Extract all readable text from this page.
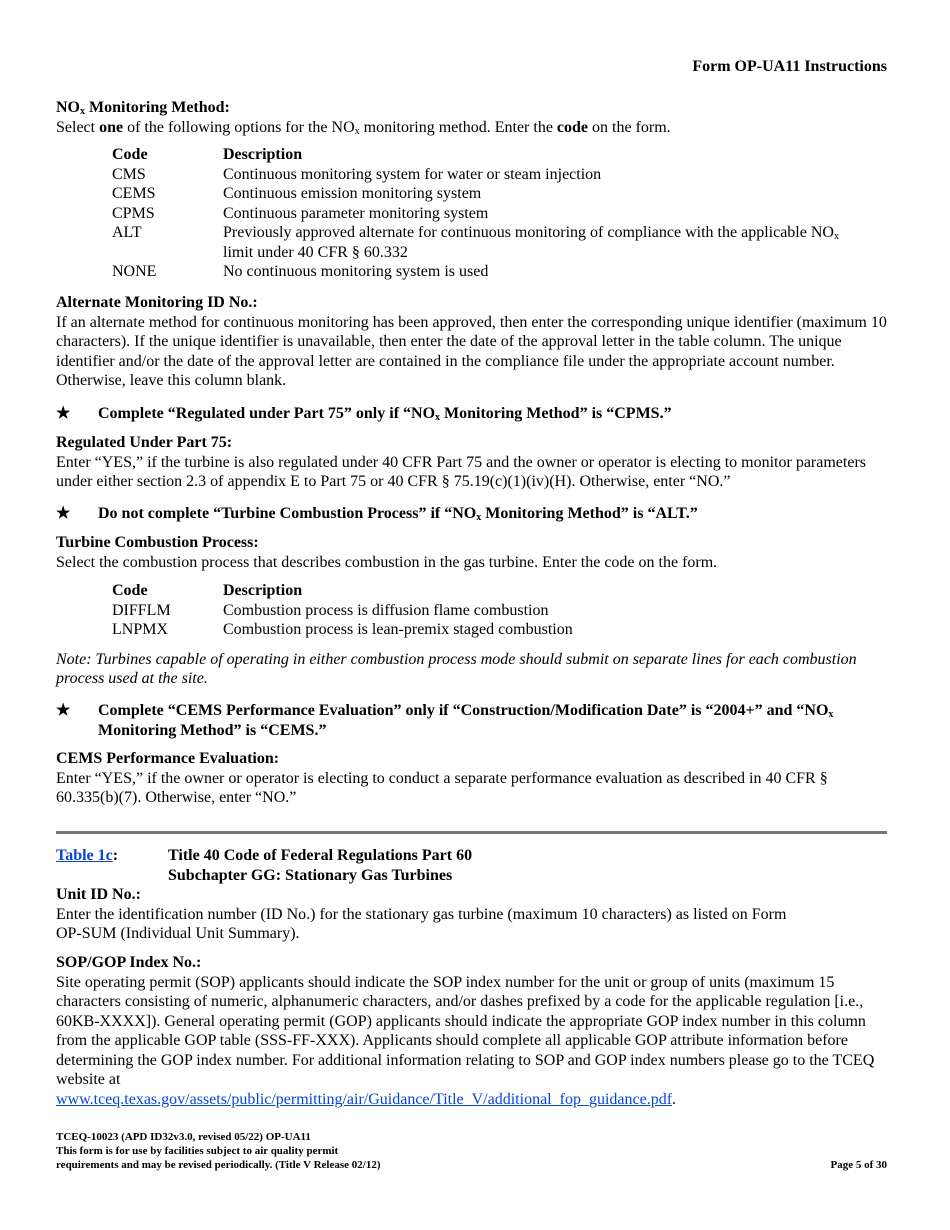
Form OP-UA11 Instructions

$NO_x$ Monitoring Method:

Select one of the following options for the $NO_x$ monitoring method. Enter the code on the form.

Code	Description
CMS	Continuous monitoring system for water or steam injection
CEMS	Continuous emission monitoring system
CPMS	Continuous parameter monitoring system
ALT	Previously approved alternate for continuous monitoring of compliance with the applicable $NO_x$
limit under 40 CFR § 60.332
NONE	No continuous monitoring system is used

Alternate Monitoring ID No.:

If an alternate method for continuous monitoring has been approved, then enter the corresponding unique identifier (maximum 10 characters). If the unique identifier is unavailable, then enter the date of the approval letter in the table column. The unique identifier and/or the date of the approval letter are contained in the compliance file under the appropriate account number. Otherwise, leave this column blank.

★	Complete “Regulated under Part 75” only if “$NO_x$ Monitoring Method” is “CPMS.”

Regulated Under Part 75:

Enter “YES,” if the turbine is also regulated under 40 CFR Part 75 and the owner or operator is electing to monitor parameters under either section 2.3 of appendix E to Part 75 or 40 CFR § 75.19(c)(1)(iv)(H). Otherwise, enter “NO.”

★	Do not complete “Turbine Combustion Process” if “$NO_x$ Monitoring Method” is “ALT.”

Turbine Combustion Process:

Select the combustion process that describes combustion in the gas turbine. Enter the code on the form.

Code	Description
DIFFLM	Combustion process is diffusion flame combustion
LNPMX	Combustion process is lean-premix staged combustion

Note: Turbines capable of operating in either combustion process mode should submit on separate lines for each combustion process used at the site.

★	Complete “CEMS Performance Evaluation” only if “Construction/Modification Date” is “2004+” and “$NO_x$ Monitoring Method” is “CEMS.”

CEMS Performance Evaluation:

Enter “YES,” if the owner or operator is electing to conduct a separate performance evaluation as described in 40 CFR § 60.335(b)(7). Otherwise, enter “NO.”

Table 1c:	Title 40 Code of Federal Regulations Part 60
Subchapter GG: Stationary Gas Turbines

Unit ID No.:

Enter the identification number (ID No.) for the stationary gas turbine (maximum 10 characters) as listed on Form OP-SUM (Individual Unit Summary).

SOP/GOP Index No.:

Site operating permit (SOP) applicants should indicate the SOP index number for the unit or group of units (maximum 15 characters consisting of numeric, alphanumeric characters, and/or dashes prefixed by a code for the applicable regulation [i.e., 60KB-XXXX]). General operating permit (GOP) applicants should indicate the appropriate GOP index number in this column from the applicable GOP table (SSS-FF-XXX). Applicants should complete all applicable GOP attribute information before determining the GOP index number. For additional information relating to SOP and GOP index numbers please go to the TCEQ website at
www.tceq.texas.gov/assets/public/permitting/air/Guidance/Title_V/additional_fop_guidance.pdf.

TCEQ-10023 (APD ID32v3.0, revised 05/22) OP-UA11
This form is for use by facilities subject to air quality permit
requirements and may be revised periodically. (Title V Release 02/12)	Page 5 of 30
